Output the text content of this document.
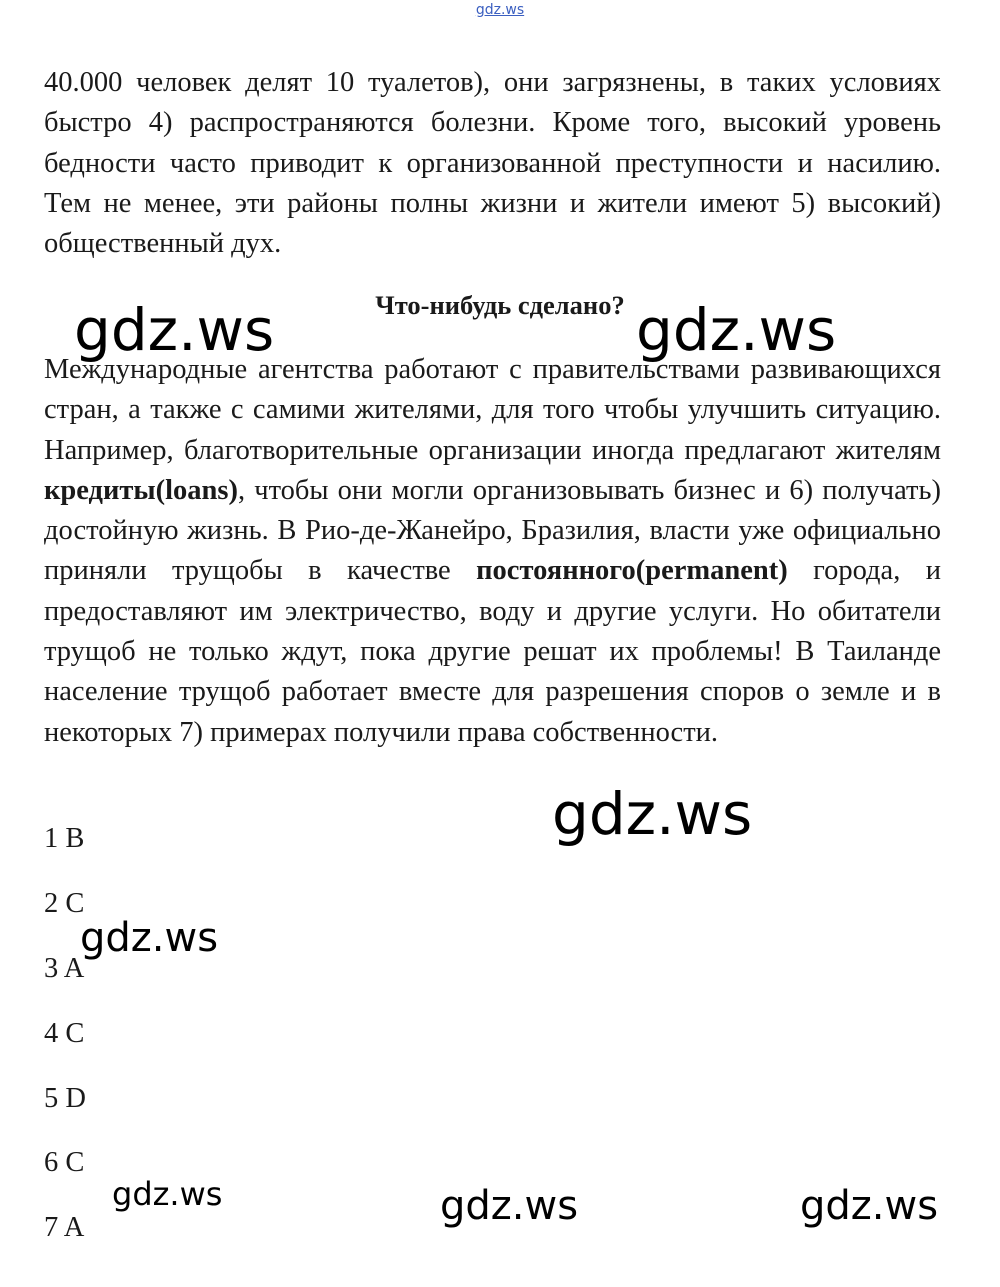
gdz.ws

40.000 человек делят 10 туалетов), они загрязнены, в таких условиях быстро 4) распространяются болезни. Кроме того, высокий уровень бедности часто приводит к организованной преступности и насилию. Тем не менее, эти районы полны жизни и жители имеют 5) высокий) общественный дух.

Что-нибудь сделано?

Международные агентства работают с правительствами развивающихся стран, а также с самими жителями, для того чтобы улучшить ситуацию. Например, благотворительные организации иногда предлагают жителям кредиты(loans), чтобы они могли организовывать бизнес и 6) получать) достойную жизнь. В Рио-де-Жанейро, Бразилия, власти уже официально приняли трущобы в качестве постоянного(permanent) города, и предоставляют им электричество, воду и другие услуги. Но обитатели трущоб не только ждут, пока другие решат их проблемы! В Таиланде население трущоб работает вместе для разрешения споров о земле и в некоторых 7) примерах получили права собственности.

1 B
2 C
3 A
4 C
5 D
6 C
7 A
gdz.ws	gdz.ws
gdz.ws
gdz.ws
gdz.ws	gdz.ws	gdz.ws
